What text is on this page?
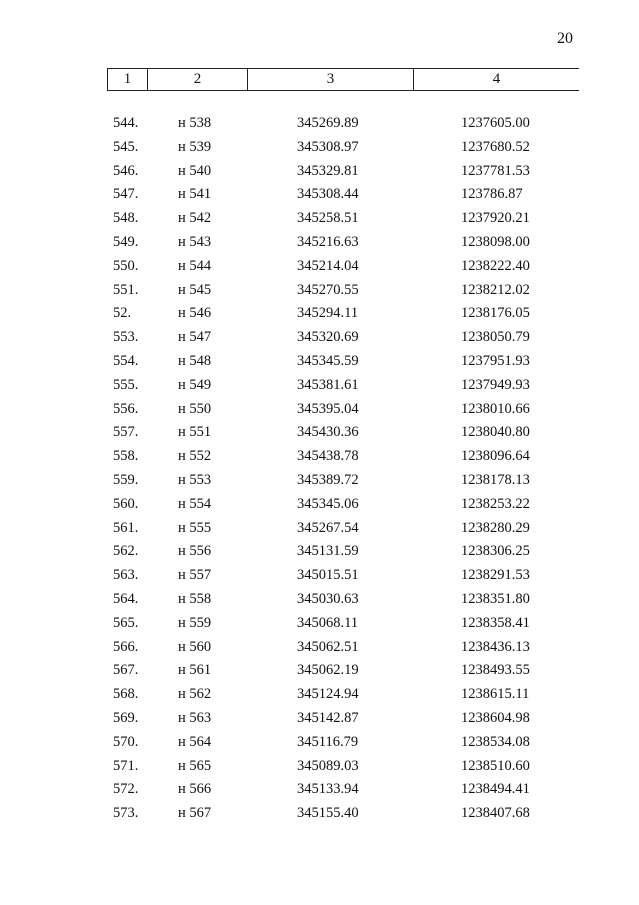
20
1	2	3	4
544.	н 538	345269.89	1237605.00
545.	н 539	345308.97	1237680.52
546.	н 540	345329.81	1237781.53
547.	н 541	345308.44	123786.87
548.	н 542	345258.51	1237920.21
549.	н 543	345216.63	1238098.00
550.	н 544	345214.04	1238222.40
551.	н 545	345270.55	1238212.02
52.	н 546	345294.11	1238176.05
553.	н 547	345320.69	1238050.79
554.	н 548	345345.59	1237951.93
555.	н 549	345381.61	1237949.93
556.	н 550	345395.04	1238010.66
557.	н 551	345430.36	1238040.80
558.	н 552	345438.78	1238096.64
559.	н 553	345389.72	1238178.13
560.	н 554	345345.06	1238253.22
561.	н 555	345267.54	1238280.29
562.	н 556	345131.59	1238306.25
563.	н 557	345015.51	1238291.53
564.	н 558	345030.63	1238351.80
565.	н 559	345068.11	1238358.41
566.	н 560	345062.51	1238436.13
567.	н 561	345062.19	1238493.55
568.	н 562	345124.94	1238615.11
569.	н 563	345142.87	1238604.98
570.	н 564	345116.79	1238534.08
571.	н 565	345089.03	1238510.60
572.	н 566	345133.94	1238494.41
573.	н 567	345155.40	1238407.68
